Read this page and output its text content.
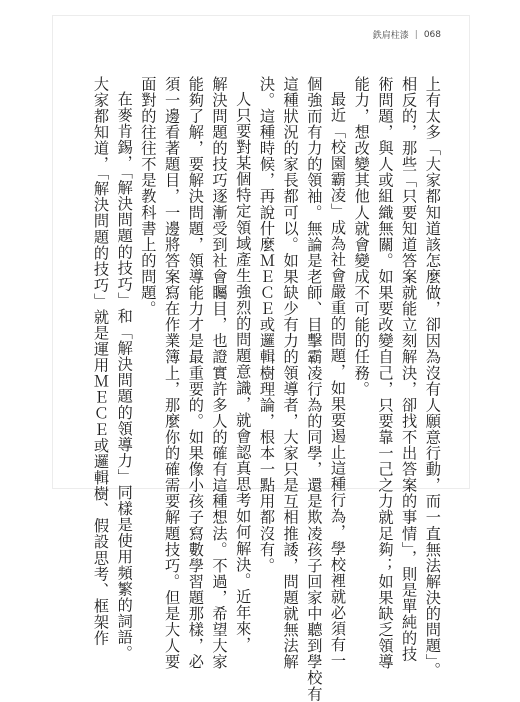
鉄肩柱漆 | 068
上有太多「大家都知道該怎麼做，卻因為沒有人願意行動，而一直無法解決的問題」。
相反的，那些「只要知道答案就能立刻解決，卻找不出答案的事情」，則是單純的技
術問題，與人或組織無關。如果要改變自己，只要靠一己之力就足夠；如果缺乏領導
能力，想改變其他人就會變成不可能的任務。
最近「校園霸凌」成為社會嚴重的問題，如果要遏止這種行為，學校裡就必須有一
個強而有力的領袖。無論是老師、目擊霸凌行為的同學，還是欺凌孩子回家中聽到學校有
這種狀況的家長都可以。如果缺少有力的領導者，大家只是互相推諉，問題就無法解
決。這種時候，再說什麼ＭＥＣＥ或邏輯樹理論，根本一點用都沒有。
人只要對某個特定領域產生強烈的問題意識，就會認真思考如何解決。近年來，
解決問題的技巧逐漸受到社會矚目，也證實許多人的確有這種想法。不過，希望大家
能夠了解，要解決問題，領導能力才是最重要的。如果像小孩子寫數學習題那樣，必
須一邊看著題目，一邊將答案寫在作業簿上，那麼你的確需要解題技巧。但是大人要
面對的往往不是教科書上的問題。
在麥肯錫，「解決問題的技巧」和「解決問題的領導力」同樣是使用頻繁的詞語。
大家都知道，「解決問題的技巧」就是運用ＭＥＣＥ或邏輯樹、假設思考、框架作
